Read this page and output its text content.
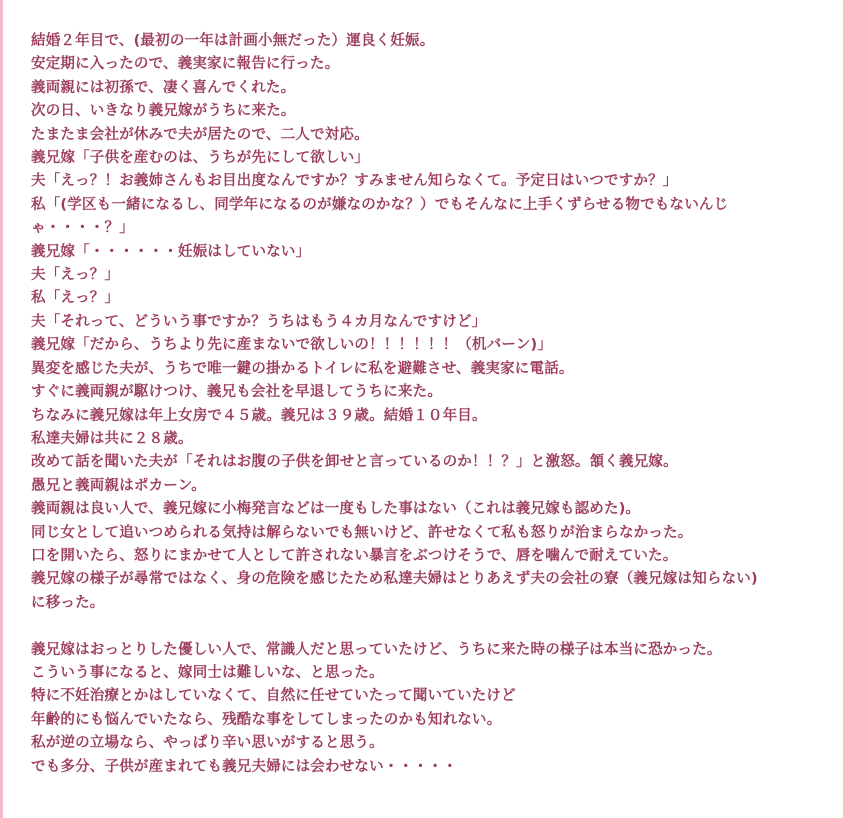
結婚２年目で、(最初の一年は計画小無だった）運良く妊娠。
安定期に入ったので、義実家に報告に行った。
義両親には初孫で、凄く喜んでくれた。
次の日、いきなり義兄嫁がうちに来た。
たまたま会社が休みで夫が居たので、二人で対応。
義兄嫁「子供を産むのは、うちが先にして欲しい」
夫「えっ？！お義姉さんもお目出度なんですか？すみません知らなくて。予定日はいつですか？」
私「(学区も一緒になるし、同学年になるのが嫌なのかな？）でもそんなに上手くずらせる物でもないんじ
ゃ・・・・？」
義兄嫁「・・・・・・妊娠はしていない」
夫「えっ？」
私「えっ？」
夫「それって、どういう事ですか？うちはもう４カ月なんですけど」
義兄嫁「だから、うちより先に産まないで欲しいの！！！！！！（机バーン)」
異変を感じた夫が、うちで唯一鍵の掛かるトイレに私を避難させ、義実家に電話。
すぐに義両親が駆けつけ、義兄も会社を早退してうちに来た。
ちなみに義兄嫁は年上女房で４５歳。義兄は３９歳。結婚１０年目。
私達夫婦は共に２８歳。
改めて話を聞いた夫が「それはお腹の子供を卸せと言っているのか！！？」と激怒。頷く義兄嫁。
愚兄と義両親はポカーン。
義両親は良い人で、義兄嫁に小梅発言などは一度もした事はない（これは義兄嫁も認めた)。
同じ女として追いつめられる気持は解らないでも無いけど、許せなくて私も怒りが治まらなかった。
口を開いたら、怒りにまかせて人として許されない暴言をぶつけそうで、唇を噛んで耐えていた。
義兄嫁の様子が尋常ではなく、身の危険を感じたため私達夫婦はとりあえず夫の会社の寮（義兄嫁は知らない)
に移った。
義兄嫁はおっとりした優しい人で、常識人だと思っていたけど、うちに来た時の様子は本当に恐かった。
こういう事になると、嫁同士は難しいな、と思った。
特に不妊治療とかはしていなくて、自然に任せていたって聞いていたけど
年齢的にも悩んでいたなら、残酷な事をしてしまったのかも知れない。
私が逆の立場なら、やっぱり辛い思いがすると思う。
でも多分、子供が産まれても義兄夫婦には会わせない・・・・・
